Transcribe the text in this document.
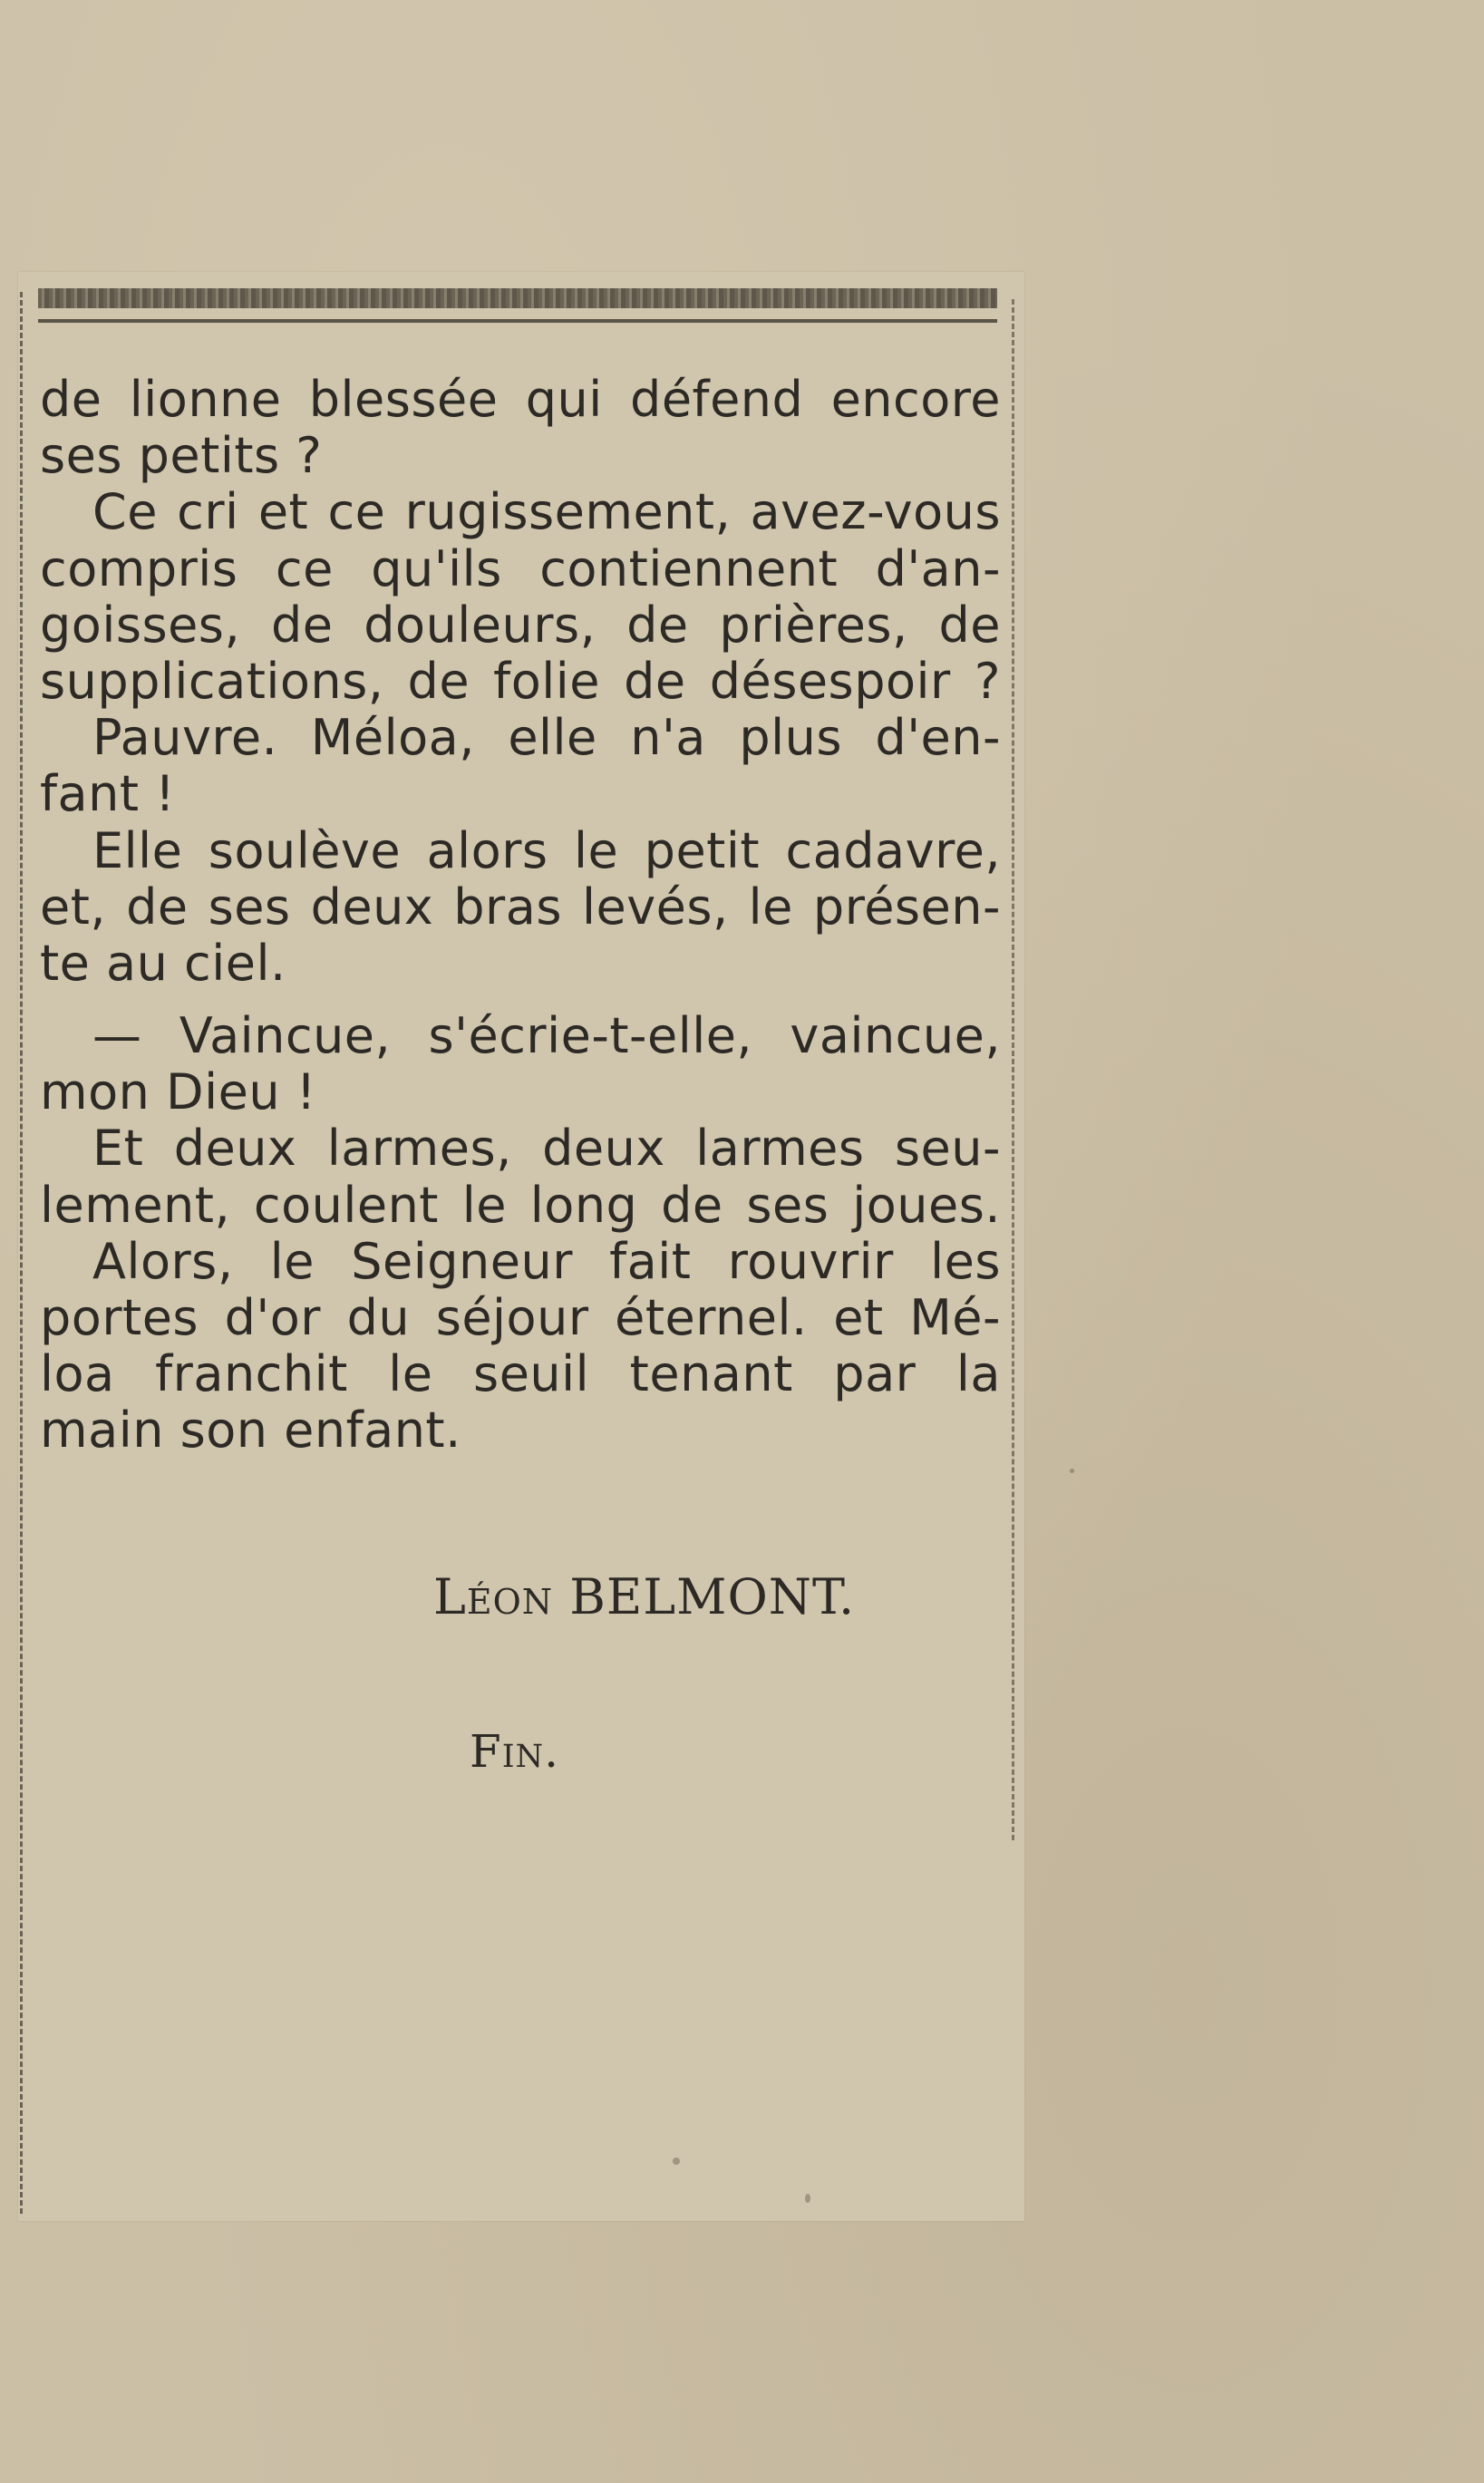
de lionne blessée qui défend encore
ses petits ?
Ce cri et ce rugissement, avez-vous
compris ce qu'ils contiennent d'an-
goisses, de douleurs, de prières, de
supplications, de folie de désespoir ?
Pauvre. Méloa, elle n'a plus d'en-
fant !
Elle soulève alors le petit cadavre,
et, de ses deux bras levés, le présen-
te au ciel.
— Vaincue, s'écrie-t-elle, vaincue,
mon Dieu !
Et deux larmes, deux larmes seu-
lement, coulent le long de ses joues.
Alors, le Seigneur fait rouvrir les
portes d'or du séjour éternel. et Mé-
loa franchit le seuil tenant par la
main son enfant.
Léon BELMONT.
Fin.
